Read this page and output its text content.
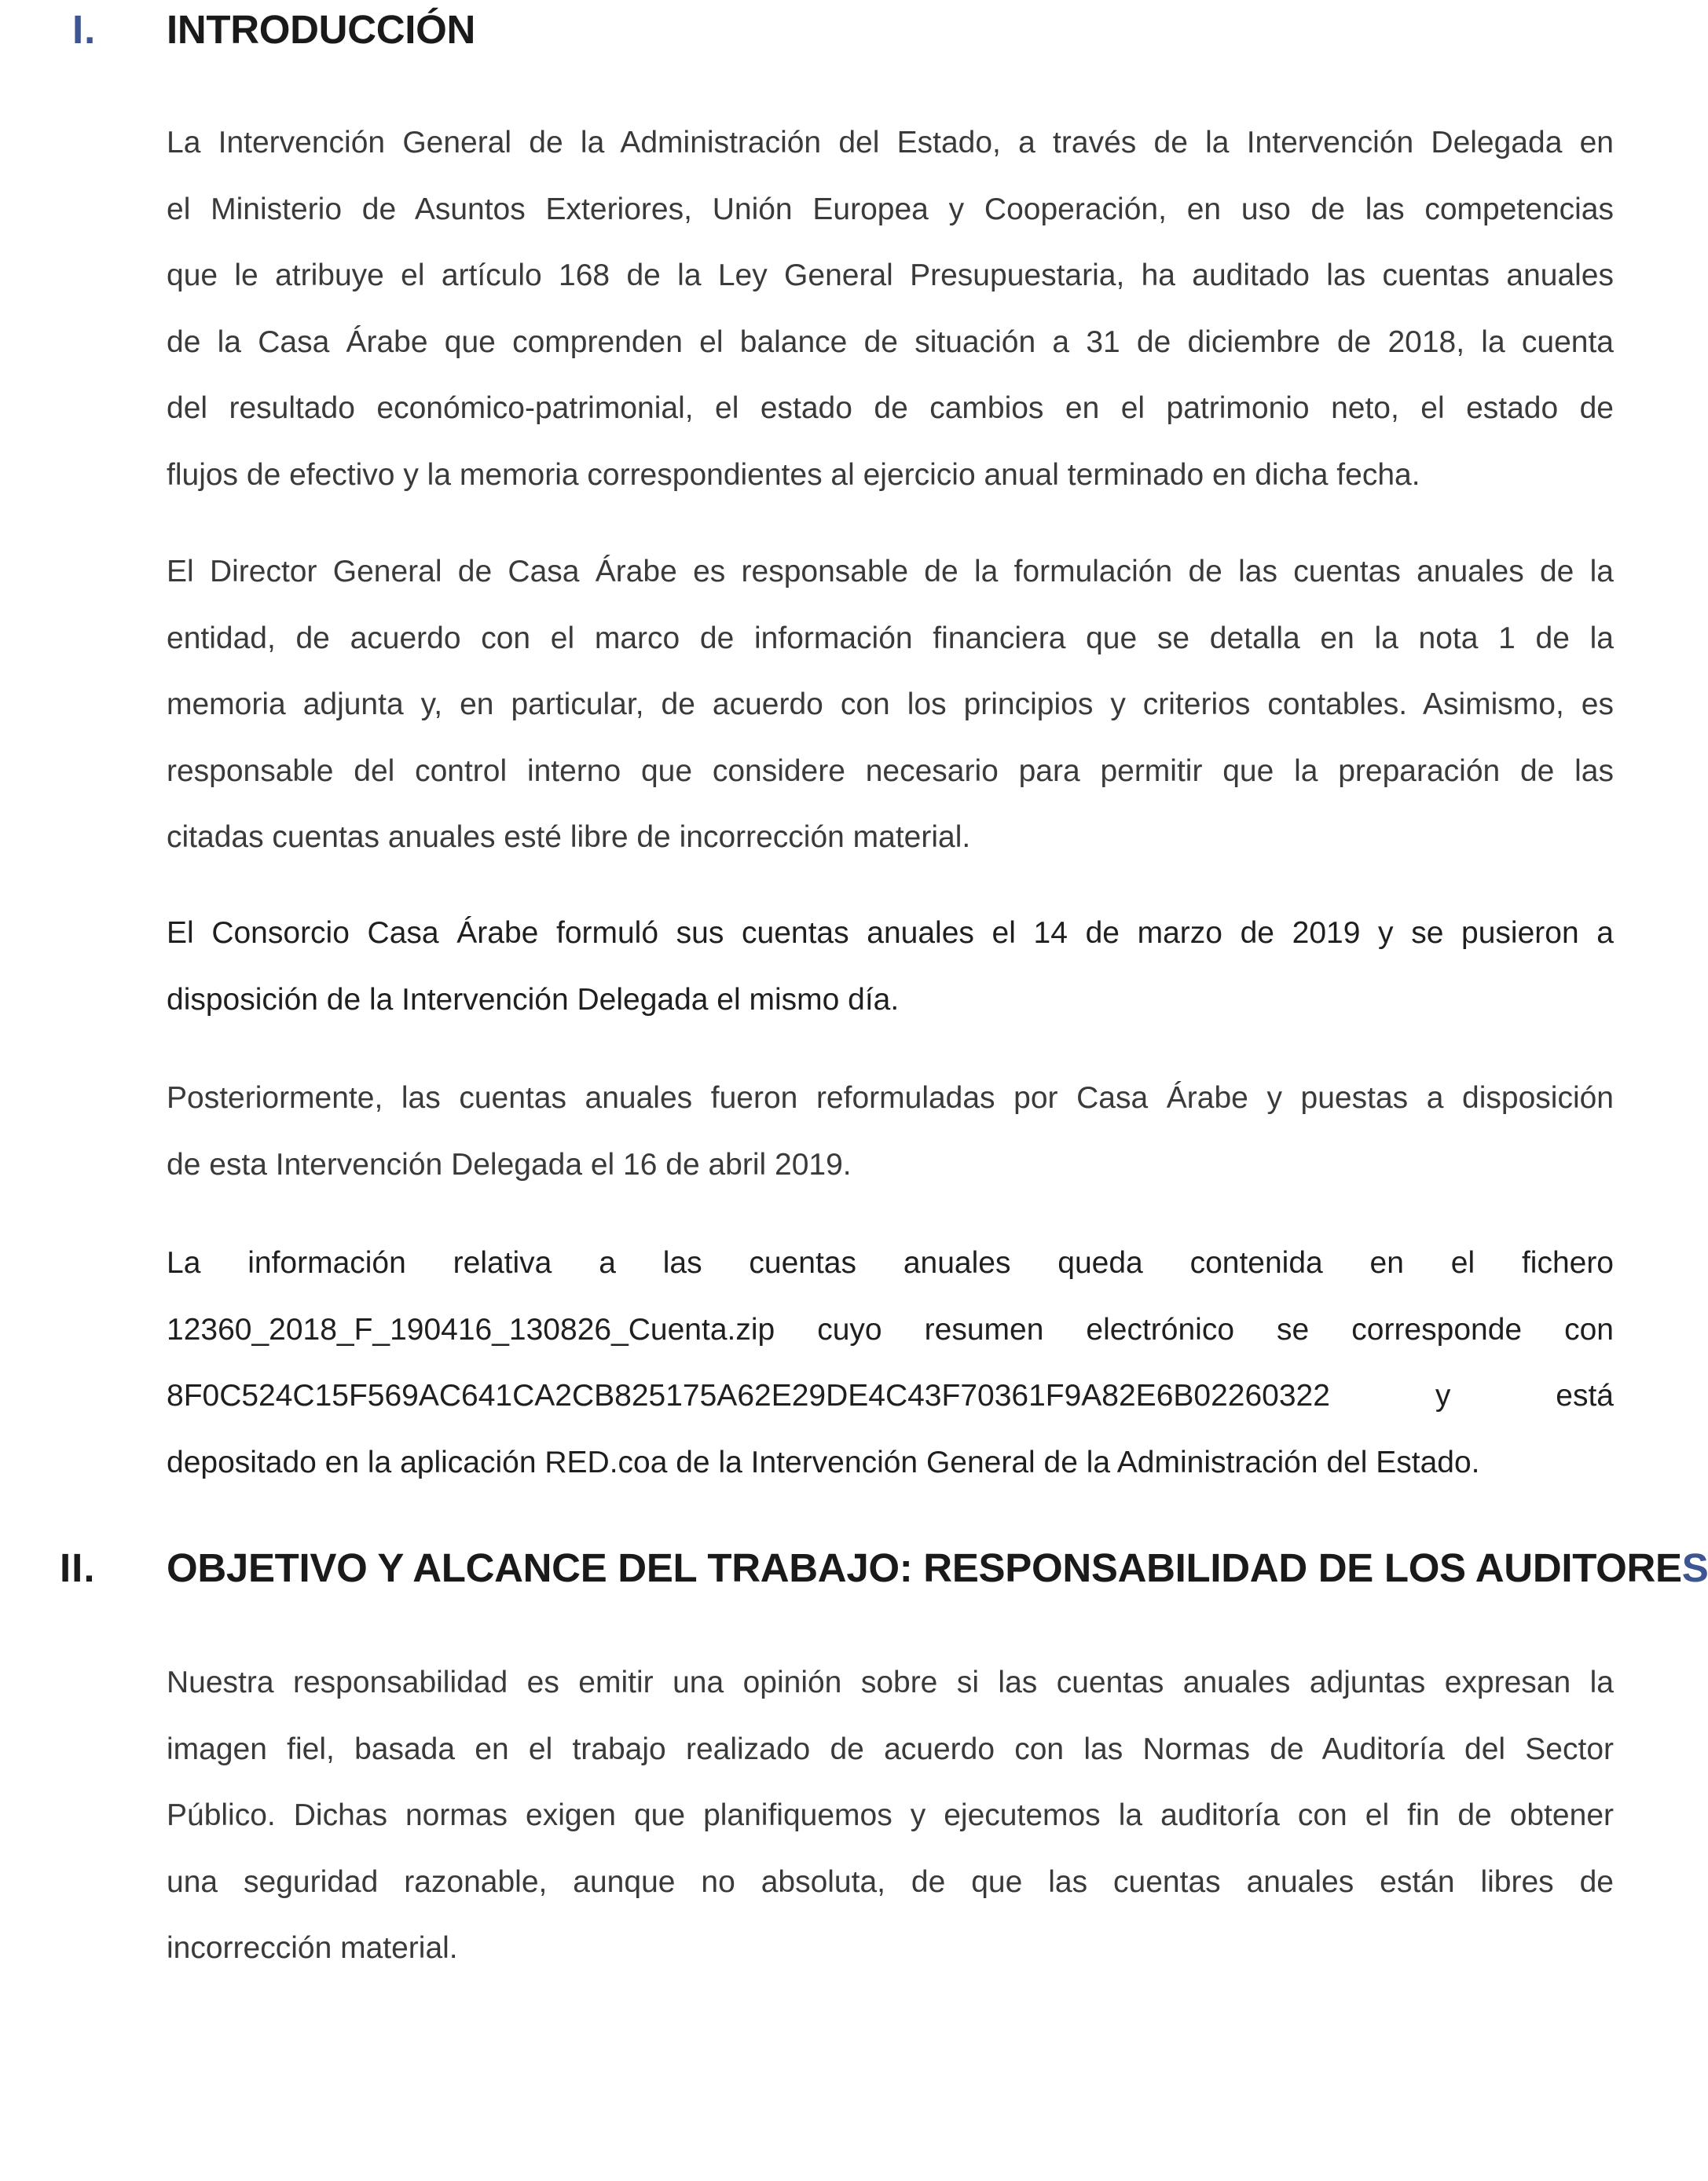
I. INTRODUCCIÓN
La Intervención General de la Administración del Estado, a través de la Intervención Delegada en
el Ministerio de Asuntos Exteriores, Unión Europea y Cooperación, en uso de las competencias
que le atribuye el artículo 168 de la Ley General Presupuestaria, ha auditado las cuentas anuales
de la Casa Árabe que comprenden el balance de situación a 31 de diciembre de 2018, la cuenta
del resultado económico-patrimonial, el estado de cambios en el patrimonio neto, el estado de
flujos de efectivo y la memoria correspondientes al ejercicio anual terminado en dicha fecha.
El Director General de Casa Árabe es responsable de la formulación de las cuentas anuales de la
entidad, de acuerdo con el marco de información financiera que se detalla en la nota 1 de la
memoria adjunta y, en particular, de acuerdo con los principios y criterios contables. Asimismo, es
responsable del control interno que considere necesario para permitir que la preparación de las
citadas cuentas anuales esté libre de incorrección material.
El Consorcio Casa Árabe formuló sus cuentas anuales el 14 de marzo de 2019 y se pusieron a
disposición de la Intervención Delegada el mismo día.
Posteriormente, las cuentas anuales fueron reformuladas por Casa Árabe y puestas a disposición
de esta Intervención Delegada el 16 de abril 2019.
La información relativa a las cuentas anuales queda contenida en el fichero
12360_2018_F_190416_130826_Cuenta.zip cuyo resumen electrónico se corresponde con
8F0C524C15F569AC641CA2CB825175A62E29DE4C43F70361F9A82E6B02260322 y está
depositado en la aplicación RED.coa de la Intervención General de la Administración del Estado.
II. OBJETIVO Y ALCANCE DEL TRABAJO: RESPONSABILIDAD DE LOS AUDITORES
Nuestra responsabilidad es emitir una opinión sobre si las cuentas anuales adjuntas expresan la
imagen fiel, basada en el trabajo realizado de acuerdo con las Normas de Auditoría del Sector
Público. Dichas normas exigen que planifiquemos y ejecutemos la auditoría con el fin de obtener
una seguridad razonable, aunque no absoluta, de que las cuentas anuales están libres de
incorrección material.
